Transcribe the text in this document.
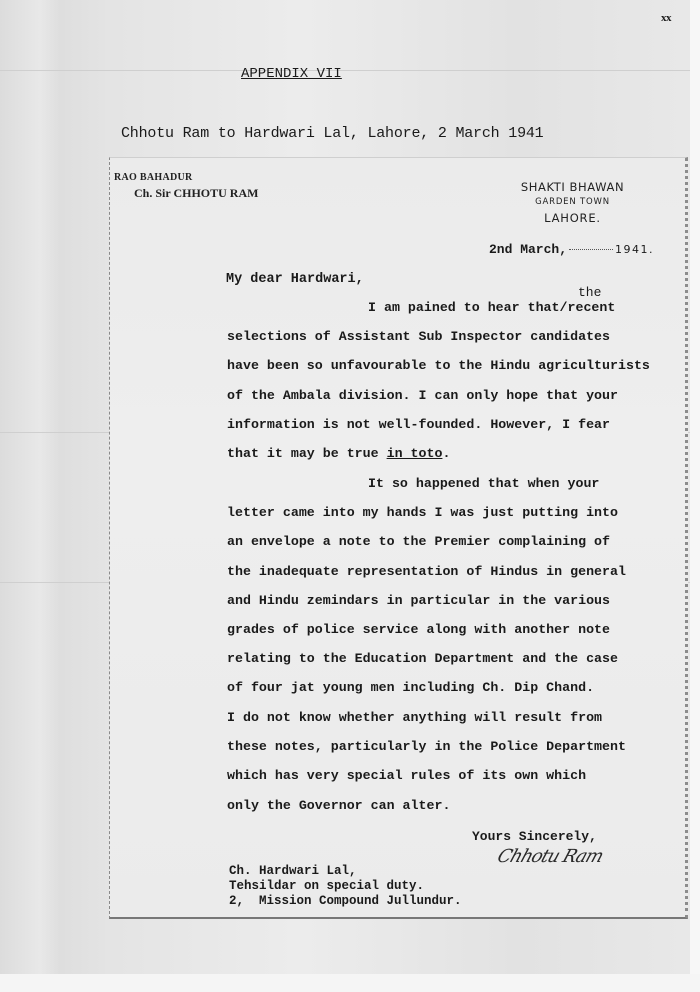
xx
APPENDIX VII
Chhotu Ram to Hardwari Lal, Lahore, 2 March 1941
RAO BAHADUR
Ch. Sir CHHOTU RAM	SHAKTI BHAWAN
GARDEN TOWN
LAHORE.
2nd March,	1941.
My dear Hardwari,
the
I am pained to hear that/recent
selections of Assistant Sub Inspector candidates
have been so unfavourable to the Hindu agriculturists
of the Ambala division. I can only hope that your
information is not well-founded. However, I fear
that it may be true in toto.
It so happened that when your
letter came into my hands I was just putting into
an envelope a note to the Premier complaining of
the inadequate representation of Hindus in general
and Hindu zemindars in particular in the various
grades of police service along with another note
relating to the Education Department and the case
of four jat young men including Ch. Dip Chand.
I do not know whether anything will result from
these notes, particularly in the Police Department
which has very special rules of its own which
only the Governor can alter.
Yours Sincerely,
Chhotu Ram
Ch. Hardwari Lal,
Tehsildar on special duty.
2,  Mission Compound Jullundur.
